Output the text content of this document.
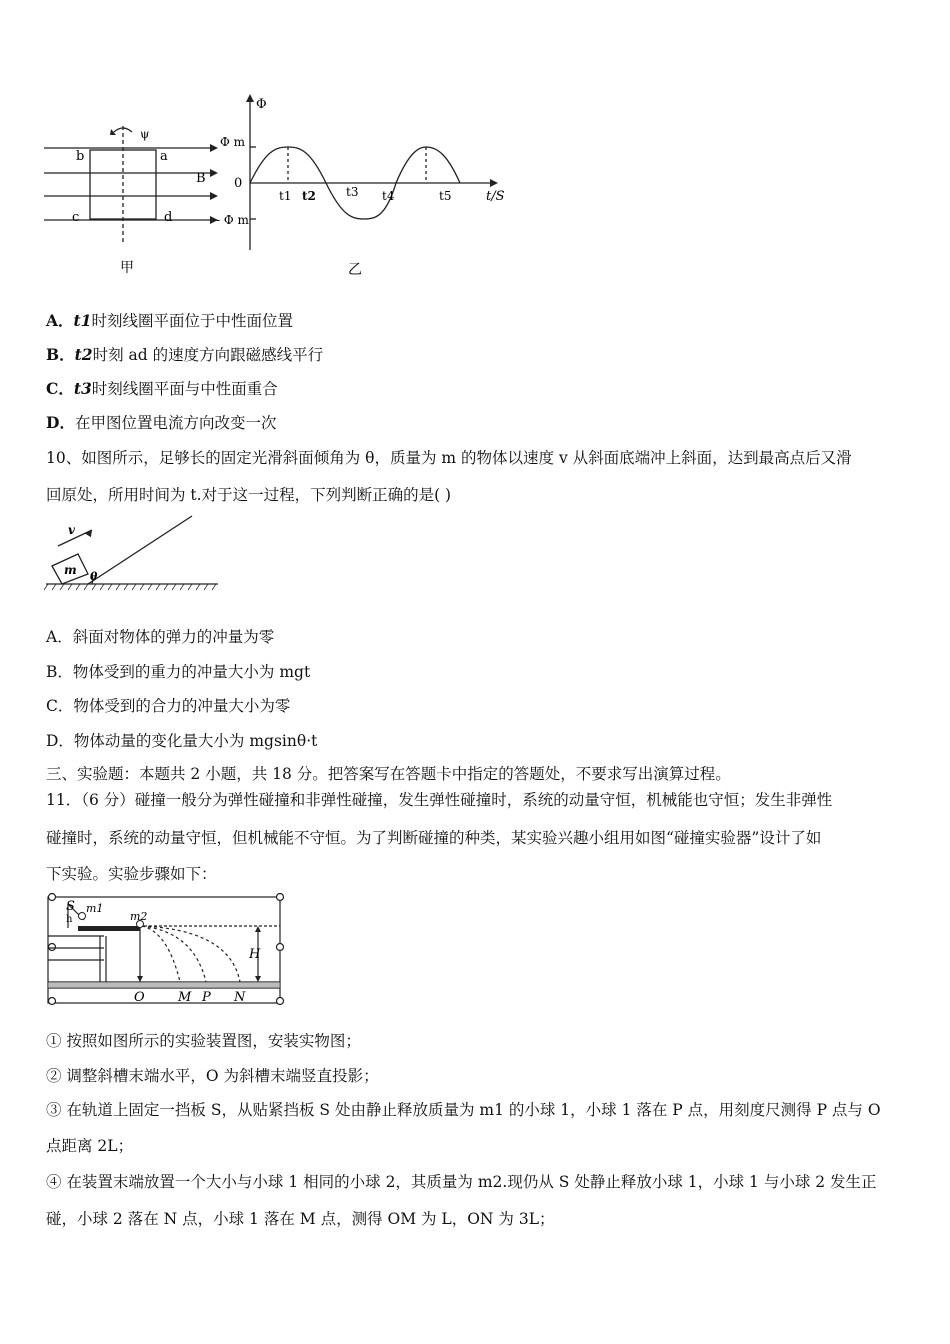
b	a
c	d
B
ψ
甲
Φ
Φ m
0
- Φ m
t1 t2	t3 t4	t5	t/S
乙
A．t1时刻线圈平面位于中性面位置
B．t2时刻 ad 的速度方向跟磁感线平行
C．t3时刻线圈平面与中性面重合
D．在甲图位置电流方向改变一次
10、如图所示，足够长的固定光滑斜面倾角为 θ，质量为 m 的物体以速度 v 从斜面底端冲上斜面，达到最高点后又滑
回原处，所用时间为 t.对于这一过程，下列判断正确的是( )
v
m θ
A．斜面对物体的弹力的冲量为零
B．物体受到的重力的冲量大小为 mgt
C．物体受到的合力的冲量大小为零
D．物体动量的变化量大小为 mgsinθ·t
三、实验题：本题共 2 小题，共 18 分。把答案写在答题卡中指定的答题处，不要求写出演算过程。
11．（6 分）碰撞一般分为弹性碰撞和非弹性碰撞，发生弹性碰撞时，系统的动量守恒，机械能也守恒；发生非弹性
碰撞时，系统的动量守恒，但机械能不守恒。为了判断碰撞的种类，某实验兴趣小组用如图“碰撞实验器”设计了如
下实验。实验步骤如下：
S m1
h	m2
H
O	M P N
① 按照如图所示的实验装置图，安装实物图；
② 调整斜槽末端水平，O 为斜槽末端竖直投影；
③ 在轨道上固定一挡板 S，从贴紧挡板 S 处由静止释放质量为 m1 的小球 1，小球 1 落在 P 点，用刻度尺测得 P 点与 O
点距离 2L；
④ 在装置末端放置一个大小与小球 1 相同的小球 2，其质量为 m2.现仍从 S 处静止释放小球 1，小球 1 与小球 2 发生正
碰，小球 2 落在 N 点，小球 1 落在 M 点，测得 OM 为 L，ON 为 3L；
